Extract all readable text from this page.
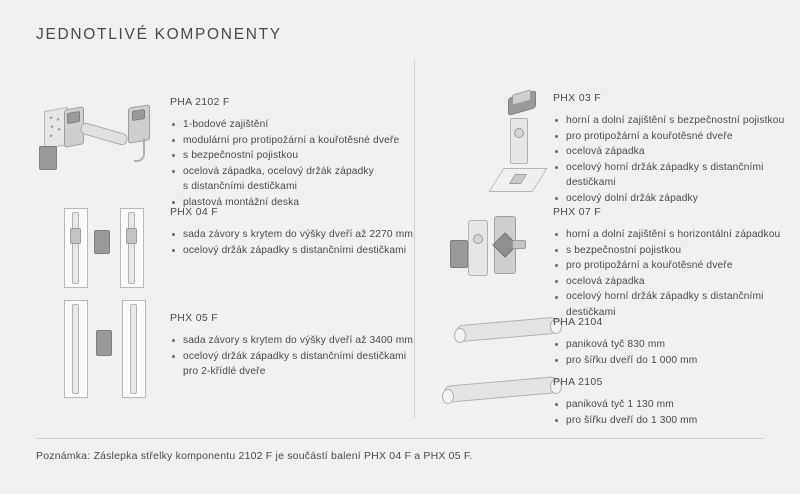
JEDNOTLIVÉ KOMPONENTY
PHA 2102 F
1-bodové zajištění
modulární pro protipožární a kouřotěsné dveře
s bezpečnostní pojistkou
ocelová západka, ocelový držák západky
s distančními destičkami
plastová montážní deska
PHX 04 F
sada závory s krytem do výšky dveří až 2270 mm
ocelový držák západky s distančními destičkami
PHX 05 F
sada závory s krytem do výšky dveří až 3400 mm
ocelový držák západky s distančními destičkami
pro 2-křídlé dveře
PHX 03 F
horní a dolní zajištění s bezpečnostní pojistkou
pro protipožární a kouřotěsné dveře
ocelová západka
ocelový horní držák západky s distančními
destičkami
ocelový dolní držák západky
PHX 07 F
horní a dolní zajištění s horizontální západkou
s bezpečnostní pojistkou
pro protipožární a kouřotěsné dveře
ocelová západka
ocelový horní držák západky s distančními
destičkami
PHA 2104
paniková tyč 830 mm
pro šířku dveří do 1 000 mm
PHA 2105
paniková tyč 1 130 mm
pro šířku dveří do 1 300 mm
Poznámka: Záslepka střelky komponentu 2102 F je součástí balení PHX 04 F a PHX 05 F.
